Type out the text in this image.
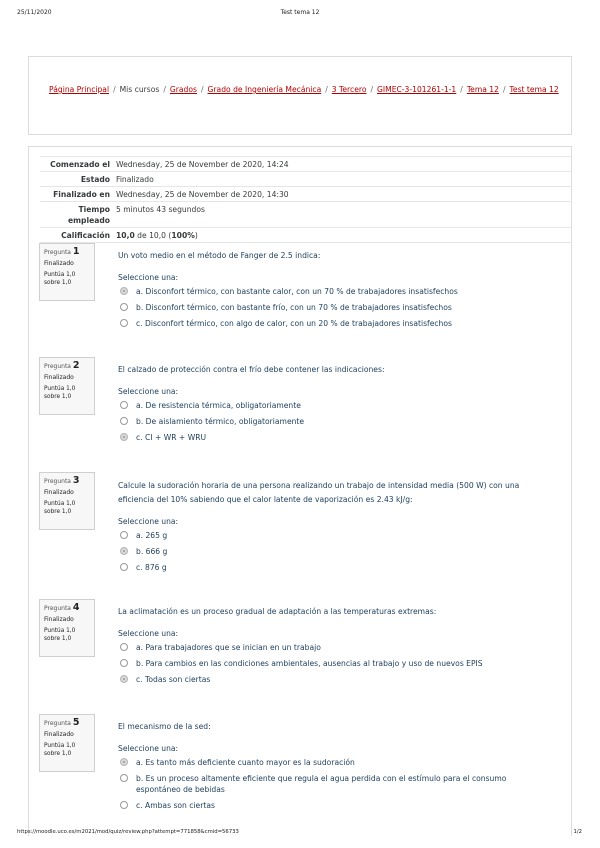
25/11/2020	Test tema 12
Página Principal / Mis cursos / Grados / Grado de Ingeniería Mecánica / 3 Tercero / GIMEC-3-101261-1-1 / Tema 12 / Test tema 12
Comenzado el Wednesday, 25 de November de 2020, 14:24
Estado Finalizado
Finalizado en Wednesday, 25 de November de 2020, 14:30
Tiempo empleado
5 minutos 43 segundos
Calificación 10,0 de 10,0 (100%)
Pregunta 1
Finalizado
Puntúa 1,0 sobre 1,0
Un voto medio en el método de Fanger de 2.5 indica:
Seleccione una:
a. Disconfort térmico, con bastante calor, con un 70 % de trabajadores insatisfechos
b. Disconfort térmico, con bastante frío, con un 70 % de trabajadores insatisfechos
c. Disconfort térmico, con algo de calor, con un 20 % de trabajadores insatisfechos
Pregunta 2
Finalizado
Puntúa 1,0 sobre 1,0
El calzado de protección contra el frío debe contener las indicaciones:
Seleccione una:
a. De resistencia térmica, obligatoriamente
b. De aislamiento térmico, obligatoriamente
c. CI + WR + WRU
Pregunta 3
Finalizado
Puntúa 1,0 sobre 1,0
Calcule la sudoración horaria de una persona realizando un trabajo de intensidad media (500 W) con una eficiencia del 10% sabiendo que el calor latente de vaporización es 2.43 kJ/g:
Seleccione una:
a. 265 g
b. 666 g
c. 876 g
Pregunta 4
Finalizado
Puntúa 1,0 sobre 1,0
La aclimatación es un proceso gradual de adaptación a las temperaturas extremas:
Seleccione una:
a. Para trabajadores que se inician en un trabajo
b. Para cambios en las condiciones ambientales, ausencias al trabajo y uso de nuevos EPIS
c. Todas son ciertas
Pregunta 5
Finalizado
Puntúa 1,0 sobre 1,0
El mecanismo de la sed:
Seleccione una:
a. Es tanto más deficiente cuanto mayor es la sudoración
b. Es un proceso altamente eficiente que regula el agua perdida con el estímulo para el consumo espontáneo de bebidas
c. Ambas son ciertas
https://moodle.uco.es/m2021/mod/quiz/review.php?attempt=771858&cmid=56733	1/2
